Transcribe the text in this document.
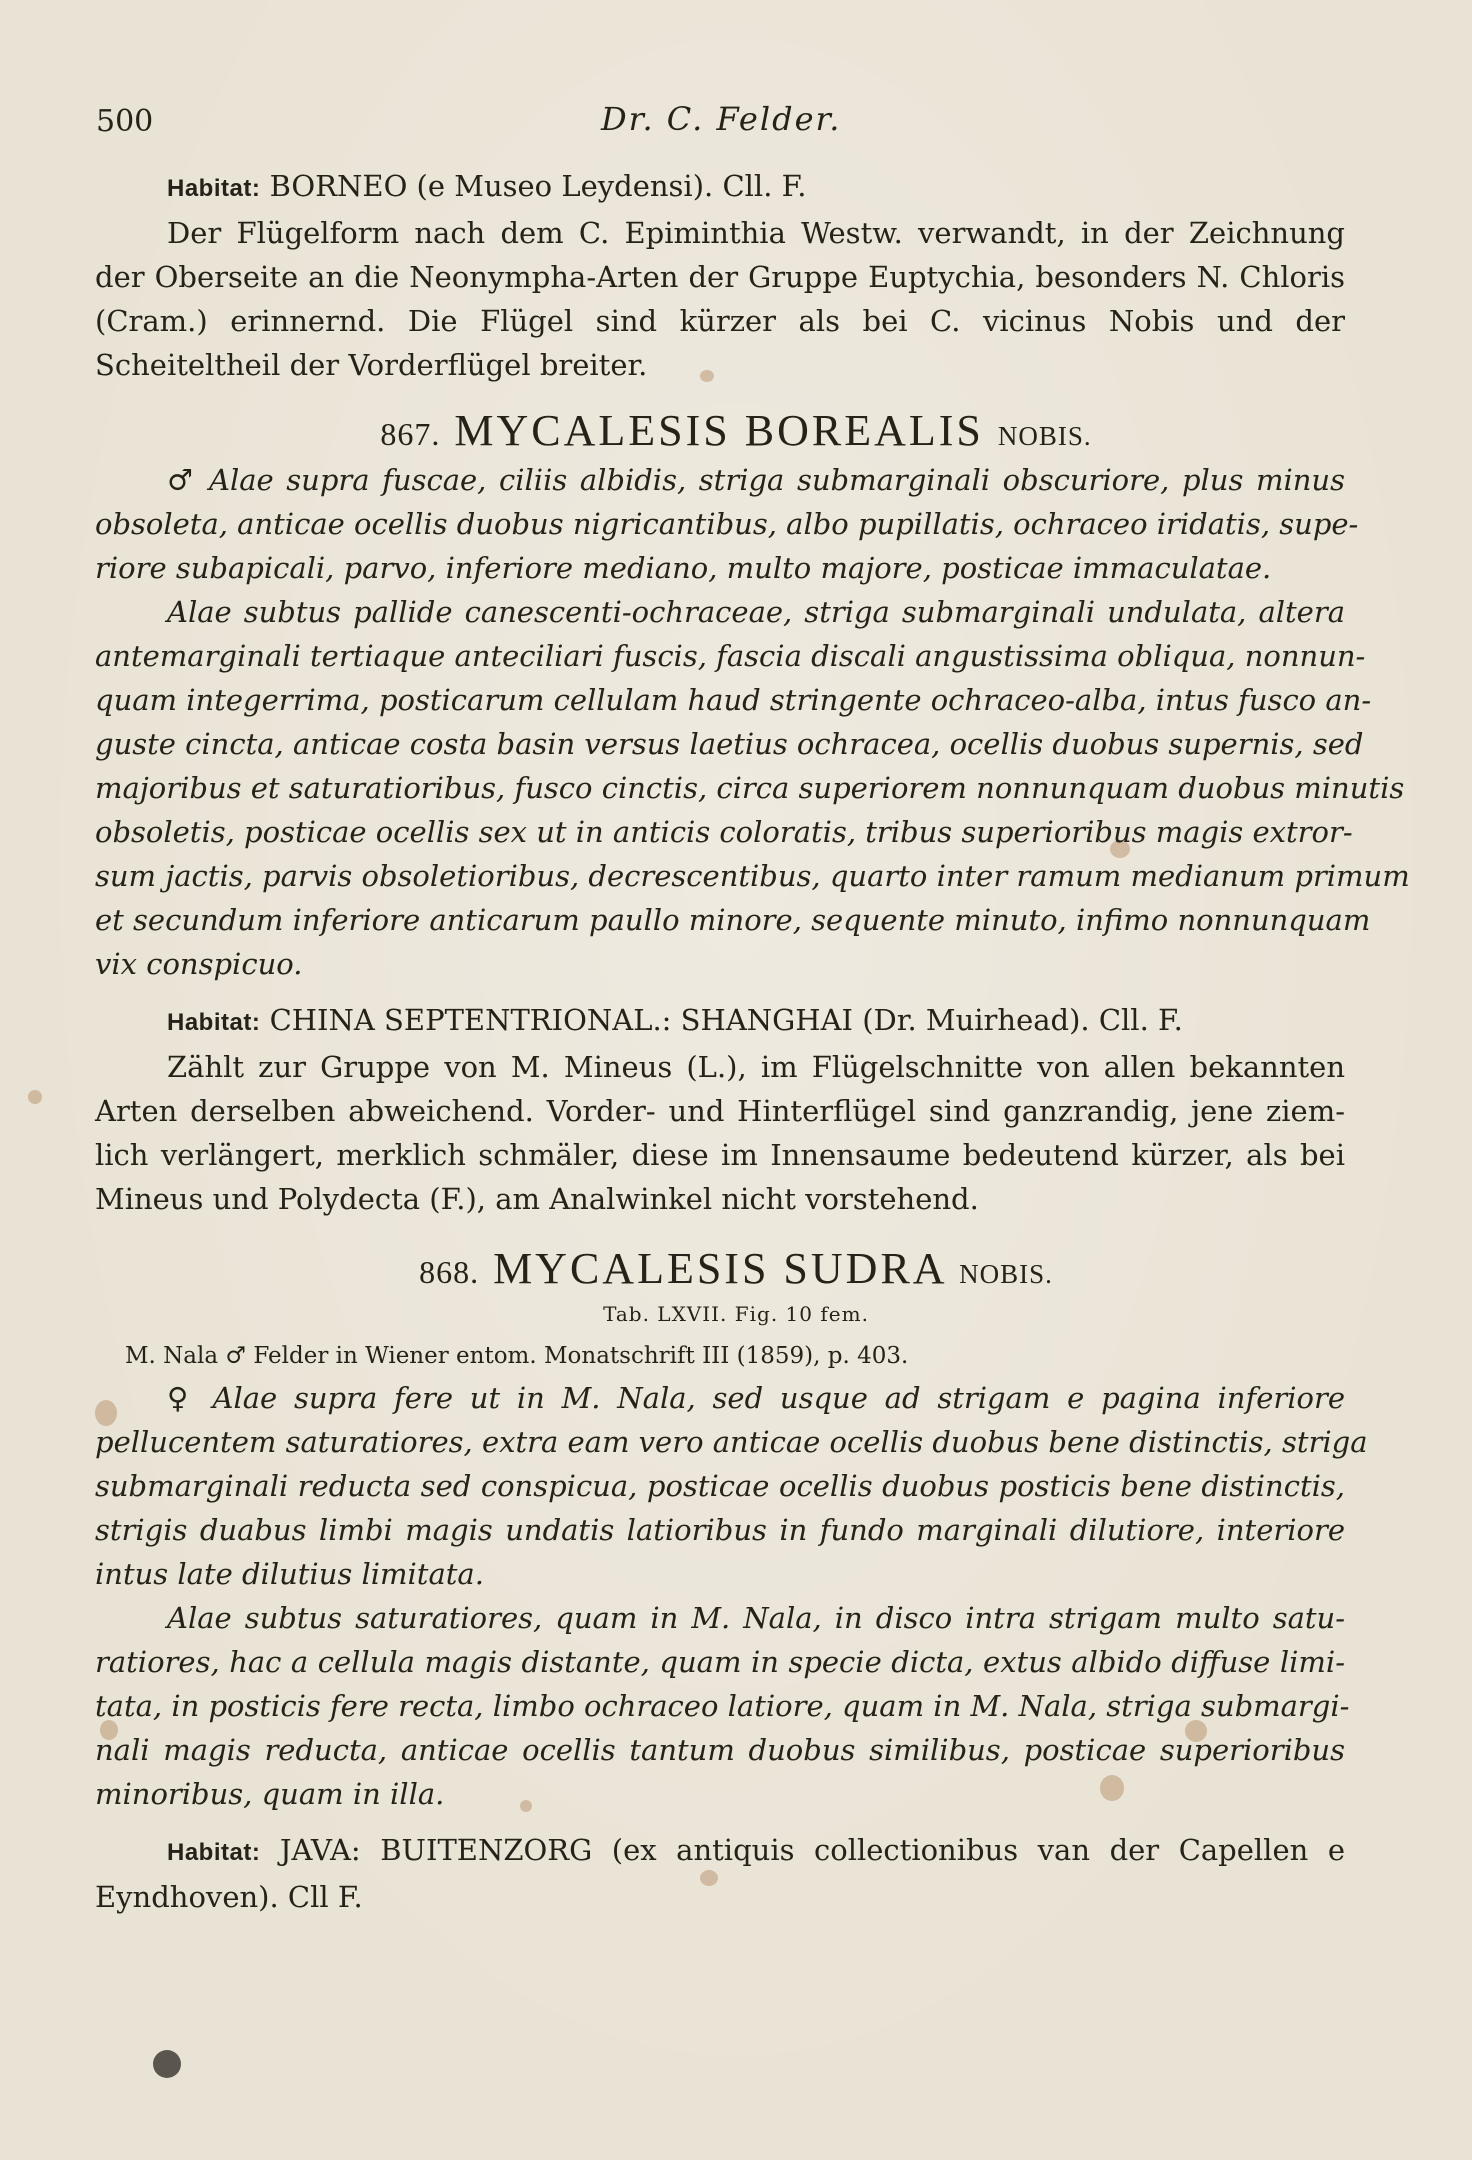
500	Dr. C. Felder.
Habitat: BORNEO (e Museo Leydensi). Cll. F.
Der Flügelform nach dem C. Epiminthia Westw. verwandt, in der Zeichnung
der Oberseite an die Neonympha-Arten der Gruppe Euptychia, besonders N. Chloris
(Cram.) erinnernd. Die Flügel sind kürzer als bei C. vicinus Nobis und der
Scheiteltheil der Vorderflügel breiter.
867. MYCALESIS BOREALIS NOBIS.
♂ Alae supra fuscae, ciliis albidis, striga submarginali obscuriore, plus minus
obsoleta, anticae ocellis duobus nigricantibus, albo pupillatis, ochraceo iridatis, supe-
riore subapicali, parvo, inferiore mediano, multo majore, posticae immaculatae.
Alae subtus pallide canescenti-ochraceae, striga submarginali undulata, altera
antemarginali tertiaque anteciliari fuscis, fascia discali angustissima obliqua, nonnun-
quam integerrima, posticarum cellulam haud stringente ochraceo-alba, intus fusco an-
guste cincta, anticae costa basin versus laetius ochracea, ocellis duobus supernis, sed
majoribus et saturatioribus, fusco cinctis, circa superiorem nonnunquam duobus minutis
obsoletis, posticae ocellis sex ut in anticis coloratis, tribus superioribus magis extror-
sum jactis, parvis obsoletioribus, decrescentibus, quarto inter ramum medianum primum
et secundum inferiore anticarum paullo minore, sequente minuto, infimo nonnunquam
vix conspicuo.
Habitat: CHINA SEPTENTRIONAL.: SHANGHAI (Dr. Muirhead). Cll. F.
Zählt zur Gruppe von M. Mineus (L.), im Flügelschnitte von allen bekannten
Arten derselben abweichend. Vorder- und Hinterflügel sind ganzrandig, jene ziem-
lich verlängert, merklich schmäler, diese im Innensaume bedeutend kürzer, als bei
Mineus und Polydecta (F.), am Analwinkel nicht vorstehend.
868. MYCALESIS SUDRA NOBIS.
Tab. LXVII. Fig. 10 fem.
M. Nala ♂ Felder in Wiener entom. Monatschrift III (1859), p. 403.
♀ Alae supra fere ut in M. Nala, sed usque ad strigam e pagina inferiore
pellucentem saturatiores, extra eam vero anticae ocellis duobus bene distinctis, striga
submarginali reducta sed conspicua, posticae ocellis duobus posticis bene distinctis,
strigis duabus limbi magis undatis latioribus in fundo marginali dilutiore, interiore
intus late dilutius limitata.
Alae subtus saturatiores, quam in M. Nala, in disco intra strigam multo satu-
ratiores, hac a cellula magis distante, quam in specie dicta, extus albido diffuse limi-
tata, in posticis fere recta, limbo ochraceo latiore, quam in M. Nala, striga submargi-
nali magis reducta, anticae ocellis tantum duobus similibus, posticae superioribus
minoribus, quam in illa.
Habitat: JAVA: BUITENZORG (ex antiquis collectionibus van der Capellen e
Eyndhoven). Cll F.
